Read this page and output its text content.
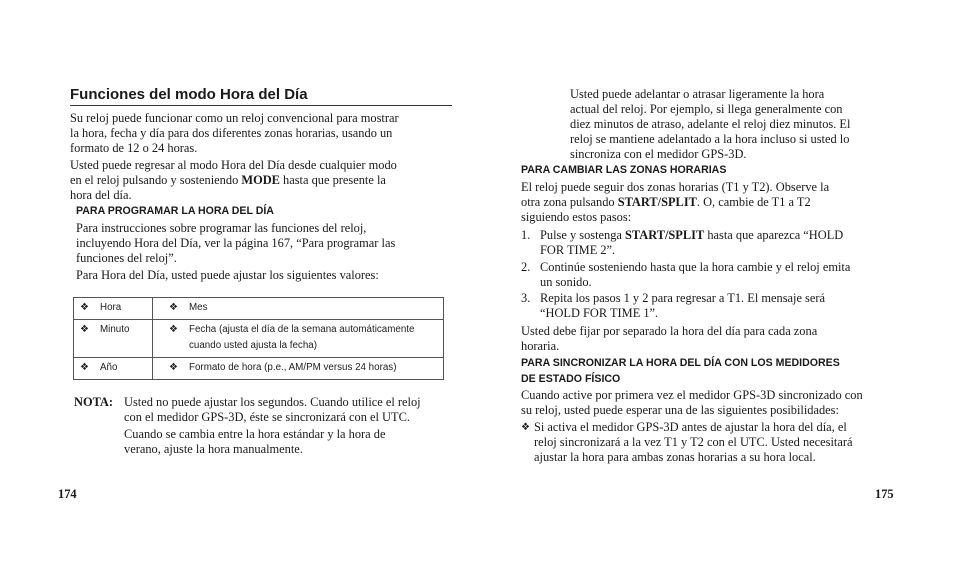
Funciones del modo Hora del Día
Su reloj puede funcionar como un reloj convencional para mostrar
la hora, fecha y día para dos diferentes zonas horarias, usando un
formato de 12 o 24 horas.
Usted puede regresar al modo Hora del Día desde cualquier modo
en el reloj pulsando y sosteniendo MODE hasta que presente la
hora del día.
PARA PROGRAMAR LA HORA DEL DÍA
Para instrucciones sobre programar las funciones del reloj,
incluyendo Hora del Día, ver la página 167, “Para programar las
funciones del reloj”.
Para Hora del Día, usted puede ajustar los siguientes valores:
❖ Hora	❖ Mes

❖ Minuto	❖ Fecha (ajusta el día de la semana automáticamente
cuando usted ajusta la fecha)

❖ Año	❖ Formato de hora (p.e., AM/PM versus 24 horas)
NOTA: Usted no puede ajustar los segundos. Cuando utilice el reloj
con el medidor GPS-3D, éste se sincronizará con el UTC.
Cuando se cambia entre la hora estándar y la hora de
verano, ajuste la hora manualmente.
174
Usted puede adelantar o atrasar ligeramente la hora
actual del reloj. Por ejemplo, si llega generalmente con
diez minutos de atraso, adelante el reloj diez minutos. El
reloj se mantiene adelantado a la hora incluso si usted lo
sincroniza con el medidor GPS-3D.
PARA CAMBIAR LAS ZONAS HORARIAS
El reloj puede seguir dos zonas horarias (T1 y T2). Observe la
otra zona pulsando START/SPLIT. O, cambie de T1 a T2
siguiendo estos pasos:
1. Pulse y sostenga START/SPLIT hasta que aparezca “HOLD
FOR TIME 2”.
2. Continúe sosteniendo hasta que la hora cambie y el reloj emita
un sonido.
3. Repita los pasos 1 y 2 para regresar a T1. El mensaje será
“HOLD FOR TIME 1”.
Usted debe fijar por separado la hora del día para cada zona
horaria.
PARA SINCRONIZAR LA HORA DEL DÍA CON LOS MEDIDORES
DE ESTADO FÍSICO
Cuando active por primera vez el medidor GPS-3D sincronizado con
su reloj, usted puede esperar una de las siguientes posibilidades:
❖ Si activa el medidor GPS-3D antes de ajustar la hora del día, el
reloj sincronizará a la vez T1 y T2 con el UTC. Usted necesitará
ajustar la hora para ambas zonas horarias a su hora local.
175
